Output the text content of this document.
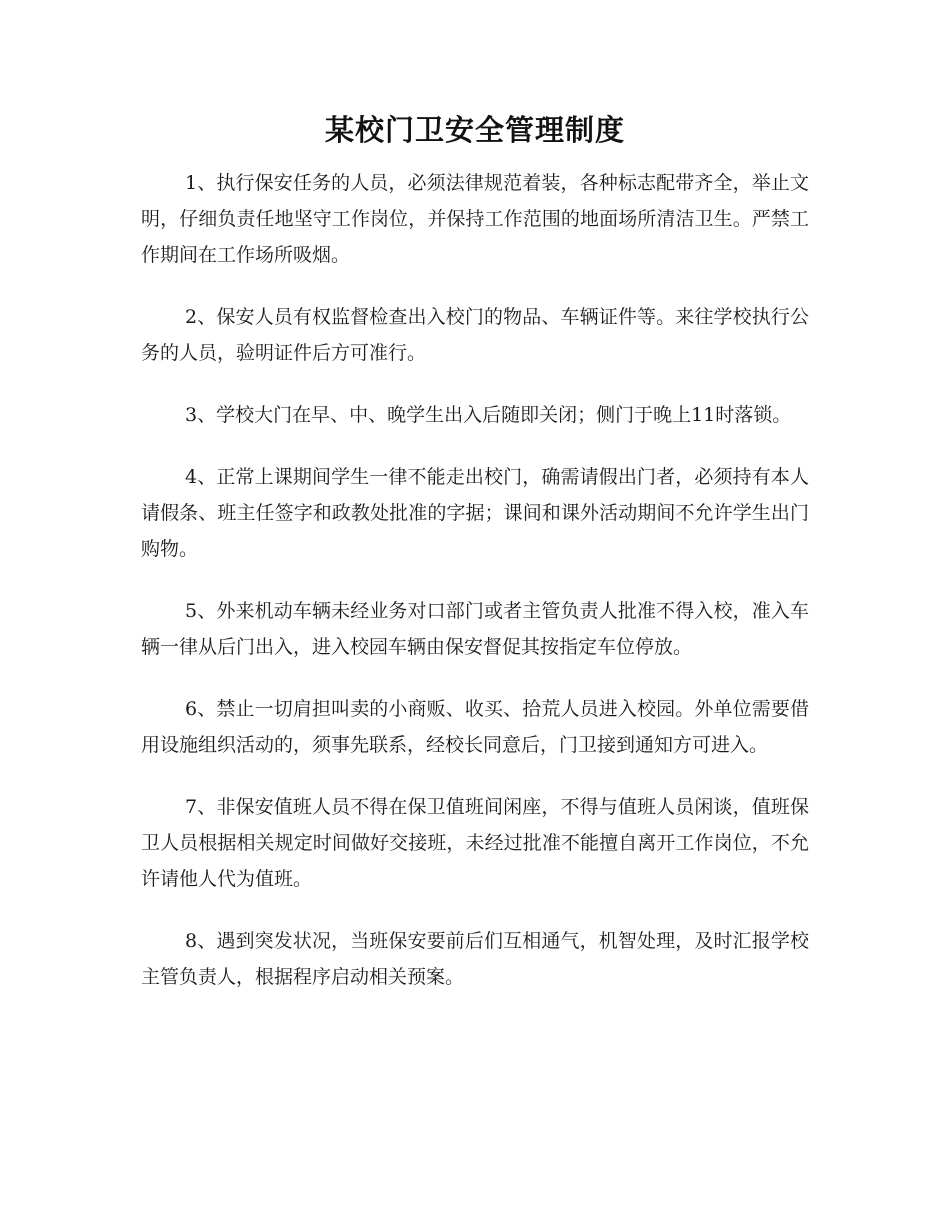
某校门卫安全管理制度

1、执行保安任务的人员，必须法律规范着装，各种标志配带齐全，举止文明，仔细负责任地坚守工作岗位，并保持工作范围的地面场所清洁卫生。严禁工作期间在工作场所吸烟。

2、保安人员有权监督检查出入校门的物品、车辆证件等。来往学校执行公务的人员，验明证件后方可准行。

3、学校大门在早、中、晚学生出入后随即关闭；侧门于晚上11时落锁。

4、正常上课期间学生一律不能走出校门，确需请假出门者，必须持有本人请假条、班主任签字和政教处批准的字据；课间和课外活动期间不允许学生出门购物。

5、外来机动车辆未经业务对口部门或者主管负责人批准不得入校，准入车辆一律从后门出入，进入校园车辆由保安督促其按指定车位停放。

6、禁止一切肩担叫卖的小商贩、收买、拾荒人员进入校园。外单位需要借用设施组织活动的，须事先联系，经校长同意后，门卫接到通知方可进入。

7、非保安值班人员不得在保卫值班间闲座，不得与值班人员闲谈，值班保卫人员根据相关规定时间做好交接班，未经过批准不能擅自离开工作岗位，不允许请他人代为值班。

8、遇到突发状况，当班保安要前后们互相通气，机智处理，及时汇报学校主管负责人，根据程序启动相关预案。
